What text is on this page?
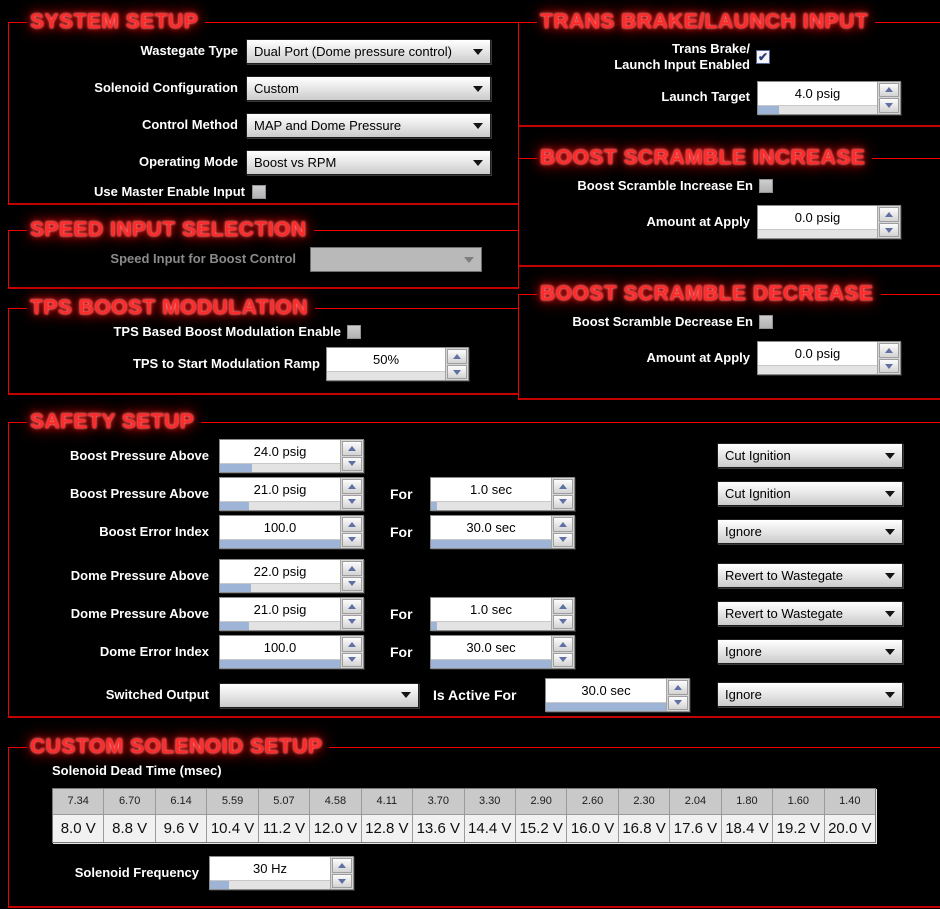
SYSTEM SETUP
Wastegate Type Dual Port (Dome pressure control)
Solenoid Configuration Custom
Control Method MAP and Dome Pressure
Operating Mode Boost vs RPM
Use Master Enable Input
SPEED INPUT SELECTION
Speed Input for Boost Control
TPS BOOST MODULATION
TPS Based Boost Modulation Enable
TPS to Start Modulation Ramp	50%
TRANS BRAKE/LAUNCH INPUT
Trans Brake/
Launch Input Enabled ✔
Launch Target	4.0 psig
BOOST SCRAMBLE INCREASE
Boost Scramble Increase En
Amount at Apply	0.0 psig
BOOST SCRAMBLE DECREASE
Boost Scramble Decrease En
Amount at Apply	0.0 psig
SAFETY SETUP
Boost Pressure Above	24.0 psig	Cut Ignition
Boost Pressure Above	21.0 psig	For	1.0 sec	Cut Ignition
Boost Error Index	100.0	For	30.0 sec	Ignore
Dome Pressure Above	22.0 psig	Revert to Wastegate
Dome Pressure Above	21.0 psig	For	1.0 sec	Revert to Wastegate
Dome Error Index	100.0	For	30.0 sec	Ignore
Switched Output	Is Active For	30.0 sec	Ignore
CUSTOM SOLENOID SETUP
Solenoid Dead Time (msec)
7.34	6.70	6.14	5.59	5.07	4.58	4.11	3.70	3.30	2.90	2.60	2.30	2.04	1.80	1.60	1.40
8.0 V	8.8 V	9.6 V 10.4 V 11.2 V 12.0 V 12.8 V 13.6 V 14.4 V 15.2 V 16.0 V 16.8 V 17.6 V 18.4 V 19.2 V 20.0 V
Solenoid Frequency	30 Hz
